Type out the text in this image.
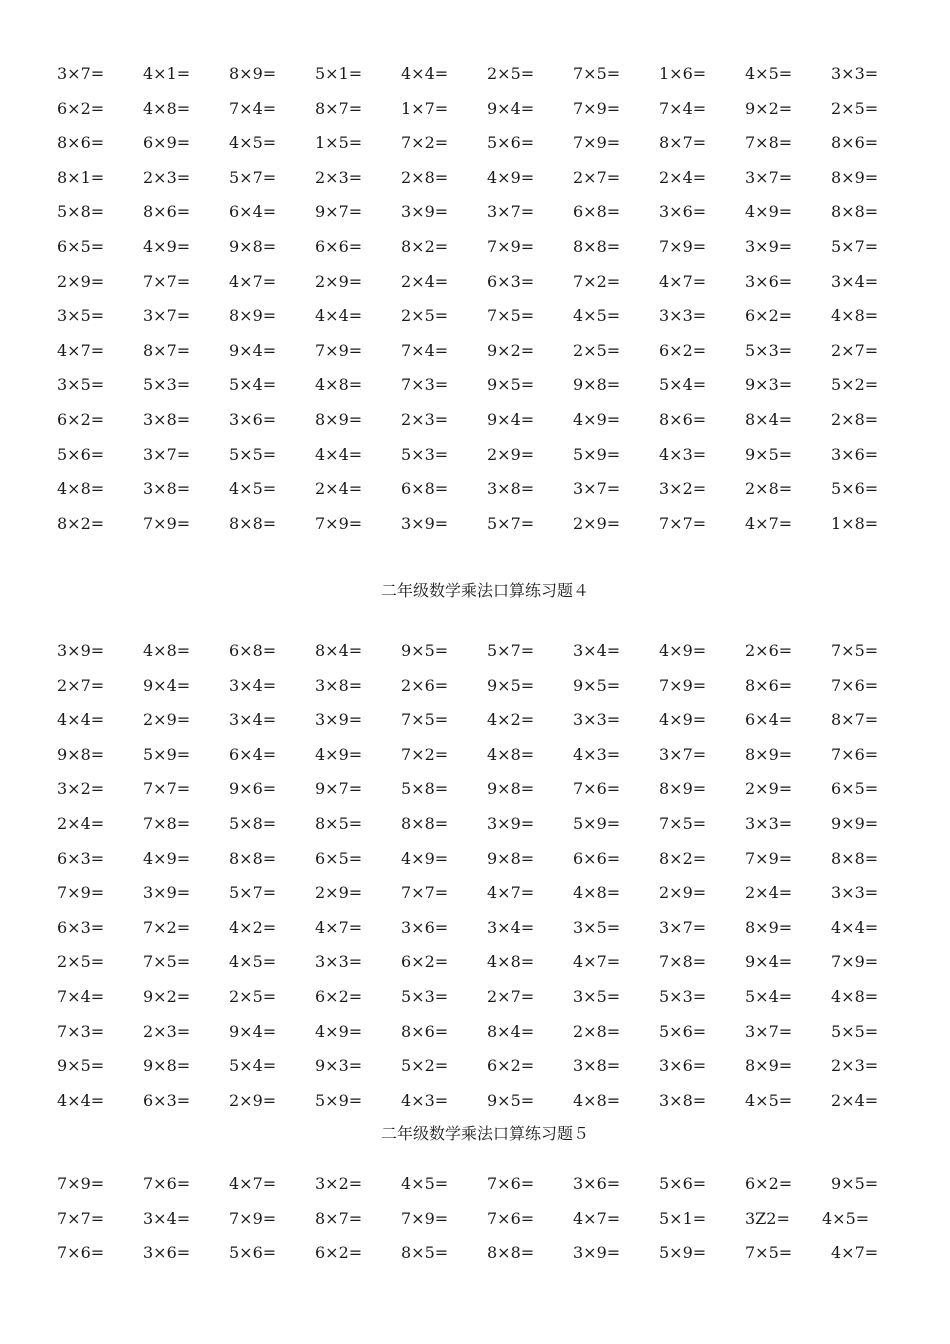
3×7= 4×1= 8×9= 5×1= 4×4= 2×5= 7×5= 1×6= 4×5= 3×3=
6×2= 4×8= 7×4= 8×7= 1×7= 9×4= 7×9= 7×4= 9×2= 2×5=
8×6= 6×9= 4×5= 1×5= 7×2= 5×6= 7×9= 8×7= 7×8= 8×6=
8×1= 2×3= 5×7= 2×3= 2×8= 4×9= 2×7= 2×4= 3×7= 8×9=
5×8= 8×6= 6×4= 9×7= 3×9= 3×7= 6×8= 3×6= 4×9= 8×8=
6×5= 4×9= 9×8= 6×6= 8×2= 7×9= 8×8= 7×9= 3×9= 5×7=
2×9= 7×7= 4×7= 2×9= 2×4= 6×3= 7×2= 4×7= 3×6= 3×4=
3×5= 3×7= 8×9= 4×4= 2×5= 7×5= 4×5= 3×3= 6×2= 4×8=
4×7= 8×7= 9×4= 7×9= 7×4= 9×2= 2×5= 6×2= 5×3= 2×7=
3×5= 5×3= 5×4= 4×8= 7×3= 9×5= 9×8= 5×4= 9×3= 5×2=
6×2= 3×8= 3×6= 8×9= 2×3= 9×4= 4×9= 8×6= 8×4= 2×8=
5×6= 3×7= 5×5= 4×4= 5×3= 2×9= 5×9= 4×3= 9×5= 3×6=
4×8= 3×8= 4×5= 2×4= 6×8= 3×8= 3×7= 3×2= 2×8= 5×6=
8×2= 7×9= 8×8= 7×9= 3×9= 5×7= 2×9= 7×7= 4×7= 1×8=
二年级数学乘法口算练习题４
3×9= 4×8= 6×8= 8×4= 9×5= 5×7= 3×4= 4×9= 2×6= 7×5=
2×7= 9×4= 3×4= 3×8= 2×6= 9×5= 9×5= 7×9= 8×6= 7×6=
4×4= 2×9= 3×4= 3×9= 7×5= 4×2= 3×3= 4×9= 6×4= 8×7=
9×8= 5×9= 6×4= 4×9= 7×2= 4×8= 4×3= 3×7= 8×9= 7×6=
3×2= 7×7= 9×6= 9×7= 5×8= 9×8= 7×6= 8×9= 2×9= 6×5=
2×4= 7×8= 5×8= 8×5= 8×8= 3×9= 5×9= 7×5= 3×3= 9×9=
6×3= 4×9= 8×8= 6×5= 4×9= 9×8= 6×6= 8×2= 7×9= 8×8=
7×9= 3×9= 5×7= 2×9= 7×7= 4×7= 4×8= 2×9= 2×4= 3×3=
6×3= 7×2= 4×2= 4×7= 3×6= 3×4= 3×5= 3×7= 8×9= 4×4=
2×5= 7×5= 4×5= 3×3= 6×2= 4×8= 4×7= 7×8= 9×4= 7×9=
7×4= 9×2= 2×5= 6×2= 5×3= 2×7= 3×5= 5×3= 5×4= 4×8=
7×3= 2×3= 9×4= 4×9= 8×6= 8×4= 2×8= 5×6= 3×7= 5×5=
9×5= 9×8= 5×4= 9×3= 5×2= 6×2= 3×8= 3×6= 8×9= 2×3=
4×4= 6×3= 2×9= 5×9= 4×3= 9×5= 4×8= 3×8= 4×5= 2×4=
二年级数学乘法口算练习题５
7×9= 7×6= 4×7= 3×2= 4×5= 7×6= 3×6= 5×6= 6×2= 9×5=
7×7= 3×4= 7×9= 8×7= 7×9= 7×6= 4×7= 5×1= 3Z2= 4×5=
7×6= 3×6= 5×6= 6×2= 8×5= 8×8= 3×9= 5×9= 7×5= 4×7=
